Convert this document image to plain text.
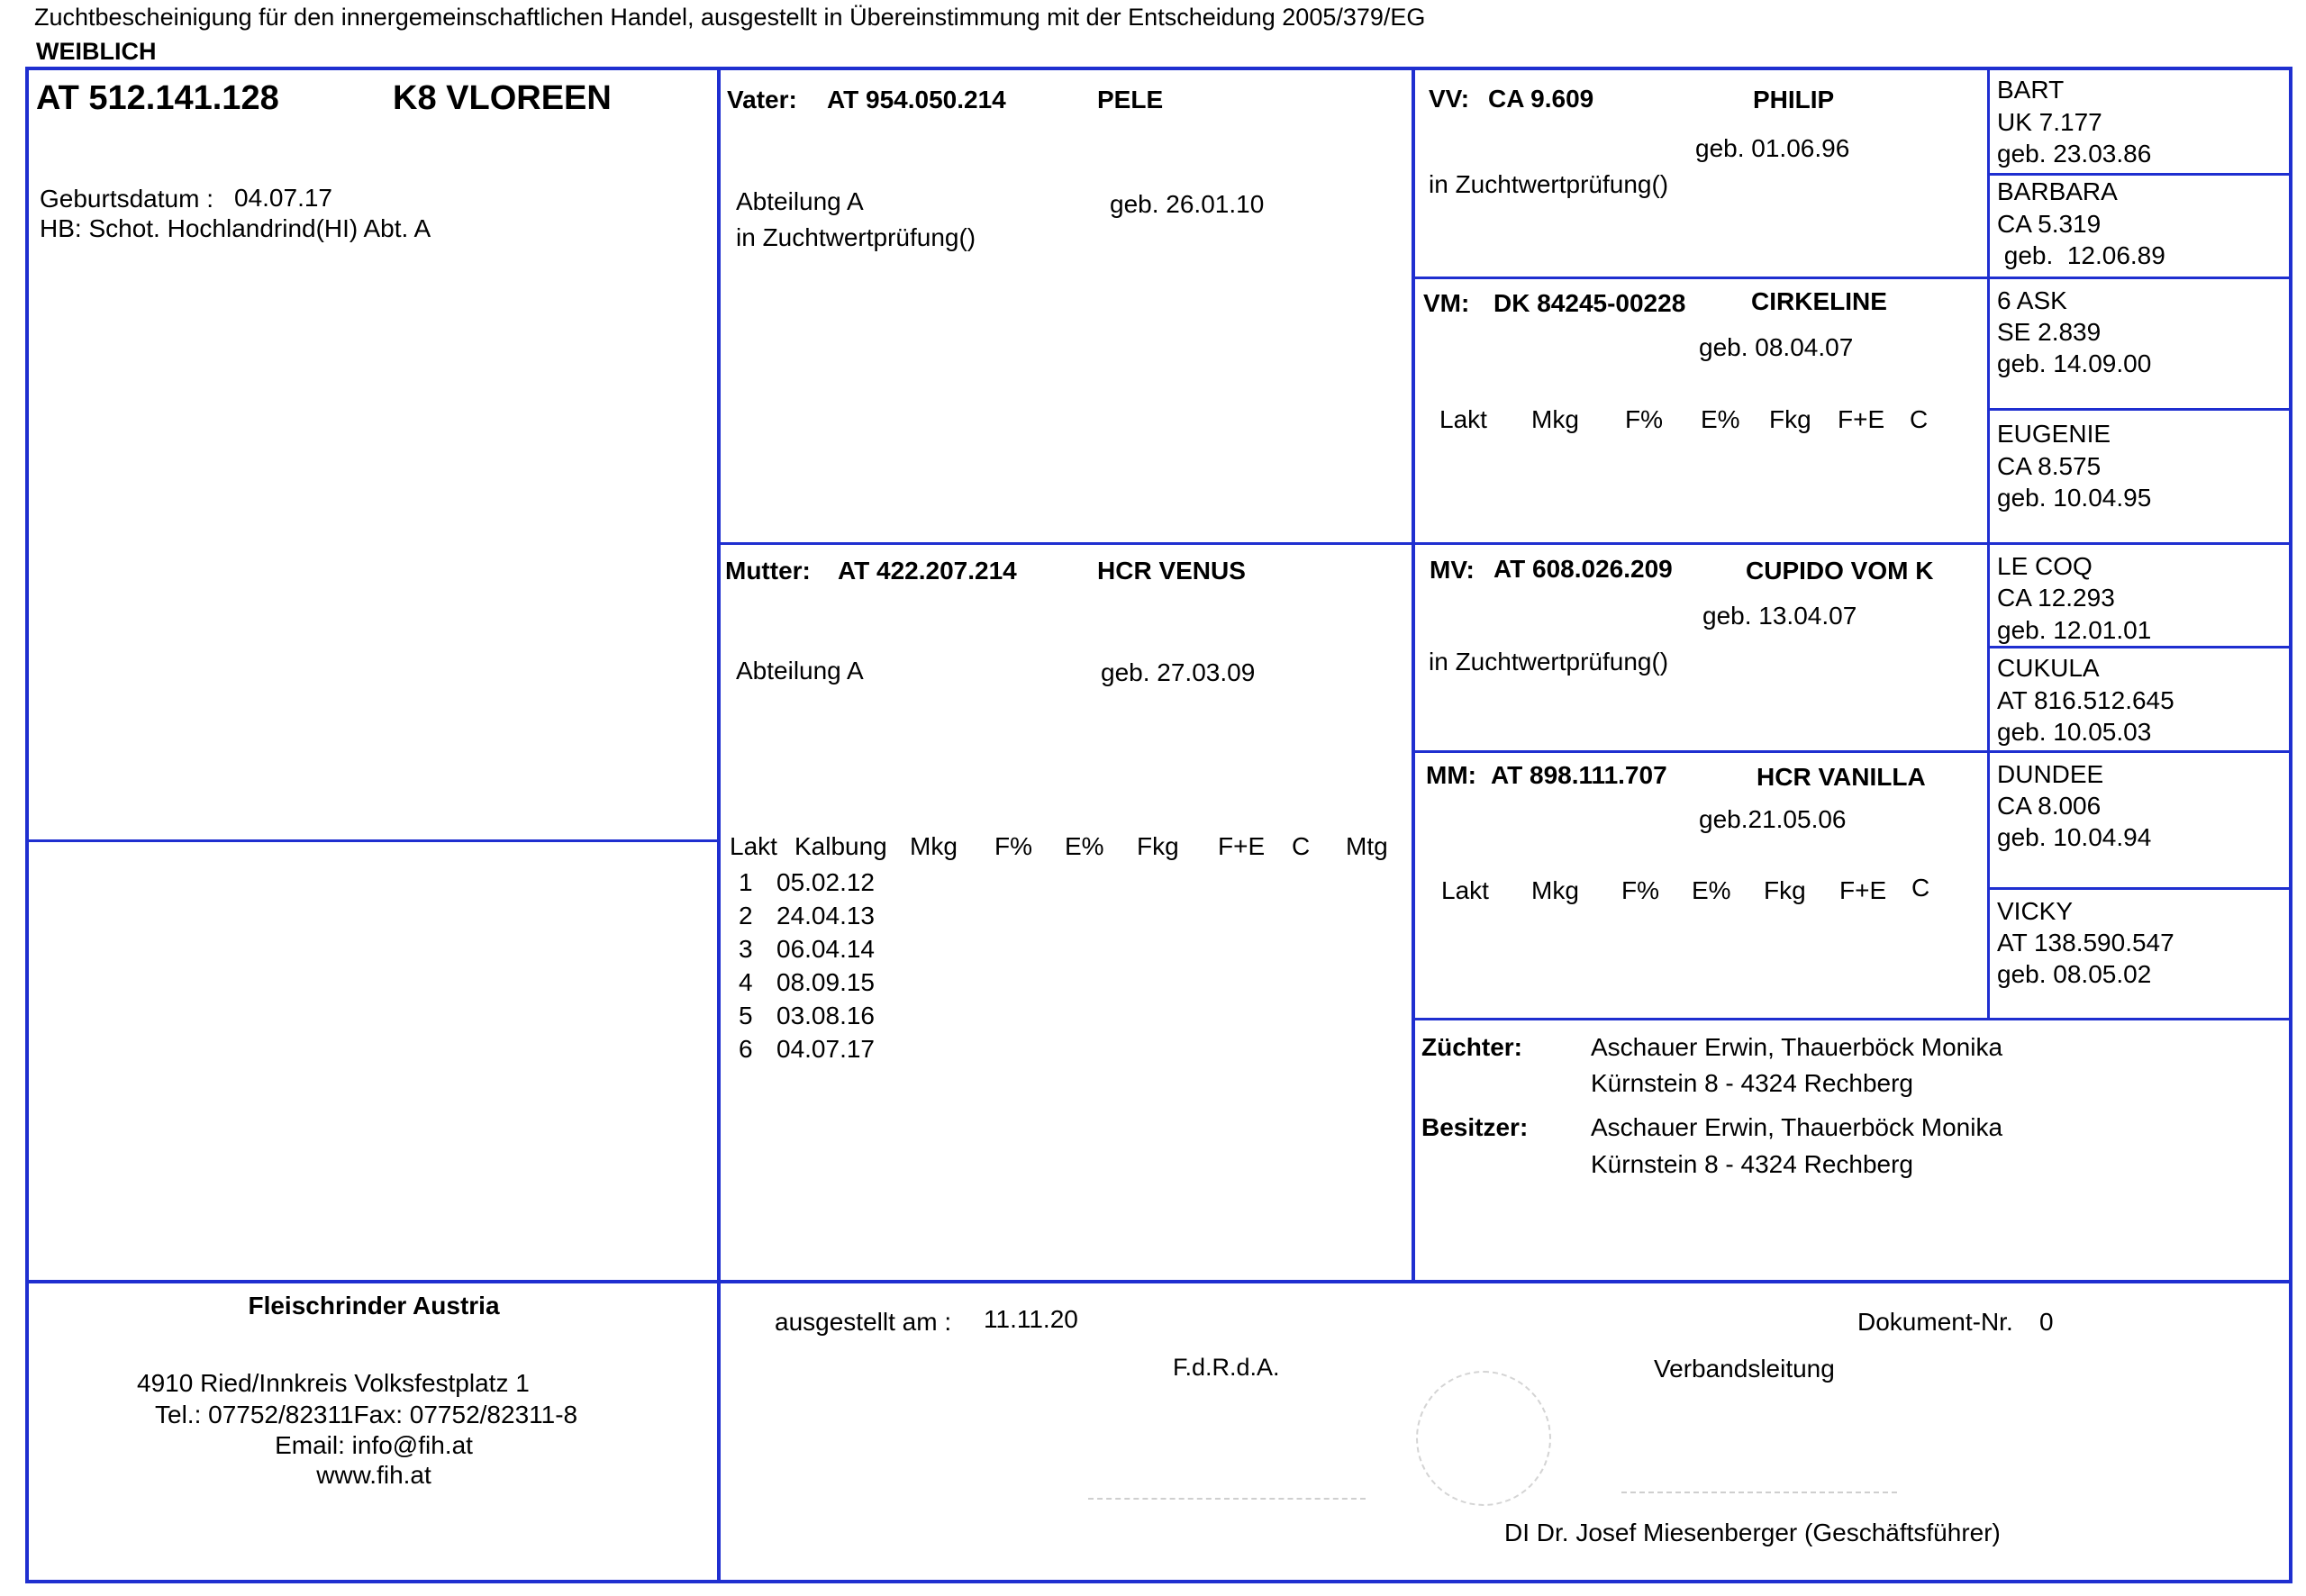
Zuchtbescheinigung für den innergemeinschaftlichen Handel, ausgestellt in Übereinstimmung mit der Entscheidung 2005/379/EG
WEIBLICH
AT 512.141.128	K8 VLOREEN
Geburtsdatum : 04.07.17
HB: Schot. Hochlandrind(HI) Abt. A
Vater: AT 954.050.214	PELE
Abteilung A	geb. 26.01.10
in Zuchtwertprüfung()
Mutter: AT 422.207.214	HCR VENUS
Abteilung A	geb. 27.03.09
Lakt Kalbung Mkg F% E% Fkg F+E C Mtg
1 05.02.12
2 24.04.13
3 06.04.14
4 08.09.15
5 03.08.16
6 04.07.17
VV: CA 9.609	PHILIP
geb. 01.06.96
in Zuchtwertprüfung()
VM: DK 84245-00228	CIRKELINE
geb. 08.04.07
Lakt Mkg F% E% Fkg F+E C
MV: AT 608.026.209	CUPIDO VOM K
geb. 13.04.07
in Zuchtwertprüfung()
MM: AT 898.111.707	HCR VANILLA
geb.21.05.06
Lakt Mkg F% E% Fkg F+E C
BART
UK 7.177
geb. 23.03.86
BARBARA
CA 5.319
geb.  12.06.89
6 ASK
SE 2.839
geb. 14.09.00
EUGENIE
CA 8.575
geb. 10.04.95
LE COQ
CA 12.293
geb. 12.01.01
CUKULA
AT 816.512.645
geb. 10.05.03
DUNDEE
CA 8.006
geb. 10.04.94
VICKY
AT 138.590.547
geb. 08.05.02
Züchter:	Aschauer Erwin, Thauerböck Monika
Kürnstein 8 - 4324 Rechberg
Besitzer: Aschauer Erwin, Thauerböck Monika
Kürnstein 8 - 4324 Rechberg
Fleischrinder Austria
4910 Ried/Innkreis Volksfestplatz 1
Tel.: 07752/82311Fax: 07752/82311-8
Email: info@fih.at
www.fih.at
ausgestellt am : 11.11.20	Dokument-Nr. 0
F.d.R.d.A.	Verbandsleitung
DI Dr. Josef Miesenberger (Geschäftsführer)
